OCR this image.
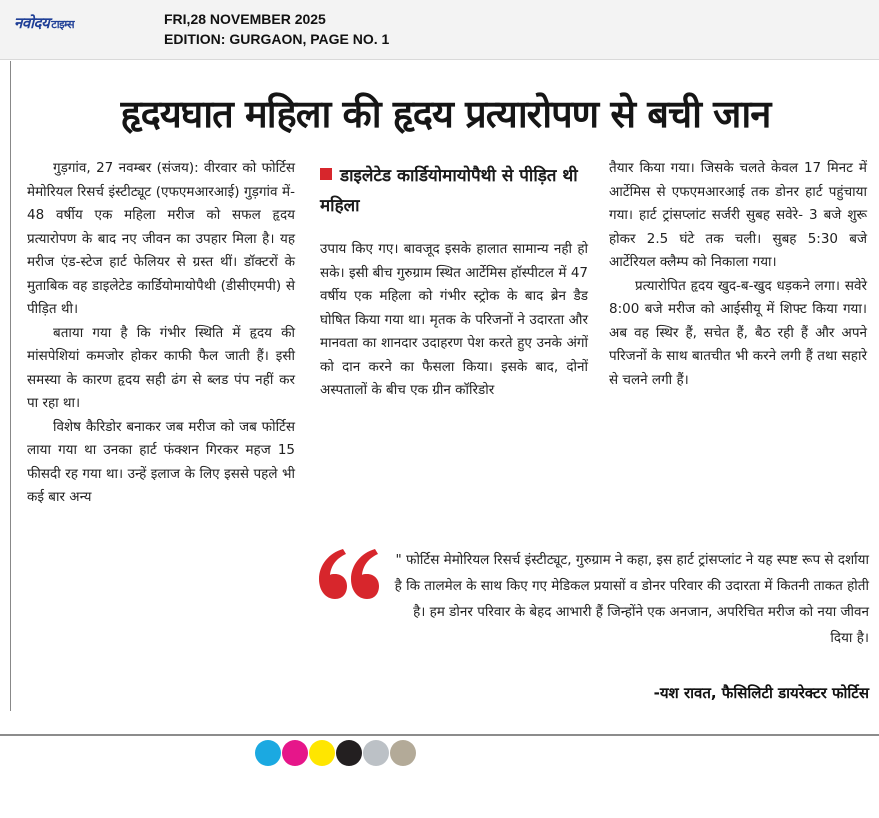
नवोदय टाइम्स	FRI,28 NOVEMBER 2025
EDITION: GURGAON, PAGE NO. 1
हृदयघात महिला की हृदय प्रत्यारोपण से बची जान

गुड़गांव, 27 नवम्बर (संजय): वीरवार को फोर्टिस मेमोरियल रिसर्च इंस्टीट्यूट (एफएमआरआई) गुड़गांव में- 48 वर्षीय एक महिला मरीज को सफल हृदय प्रत्यारोपण के बाद नए जीवन का उपहार मिला है। यह मरीज एंड-स्टेज हार्ट फेलियर से ग्रस्त थीं। डॉक्टरों के मुताबिक वह डाइलेटेड कार्डियोमायोपैथी (डीसीएमपी) से पीड़ित थी।

बताया गया है कि गंभीर स्थिति में हृदय की मांसपेशियां कमजोर होकर काफी फैल जाती हैं। इसी समस्या के कारण हृदय सही ढंग से ब्लड पंप नहीं कर पा रहा था।

विशेष कैरिडोर बनाकर जब मरीज को जब फोर्टिस लाया गया था उनका हार्ट फंक्शन गिरकर महज 15 फीसदी रह गया था। उन्हें इलाज के लिए इससे पहले भी कई बार अन्य

डाइलेटेड कार्डियोमायोपैथी से पीड़ित थी महिला

उपाय किए गए। बावजूद इसके हालात सामान्य नही हो सके। इसी बीच गुरुग्राम स्थित आर्टेमिस हॉस्पीटल में 47 वर्षीय एक महिला को गंभीर स्ट्रोक के बाद ब्रेन डैड घोषित किया गया था। मृतक के परिजनों ने उदारता और मानवता का शानदार उदाहरण पेश करते हुए उनके अंगों को दान करने का फैसला किया। इसके बाद, दोनों अस्पतालों के बीच एक ग्रीन कॉरिडोर

तैयार किया गया। जिसके चलते केवल 17 मिनट में आर्टेमिस से एफएमआरआई तक डोनर हार्ट पहुंचाया गया। हार्ट ट्रांसप्लांट सर्जरी सुबह सवेरे- 3 बजे शुरू होकर 2.5 घंटे तक चली। सुबह 5:30 बजे आर्टेरियल क्लैम्प को निकाला गया।

प्रत्यारोपित हृदय खुद-ब-खुद धड़कने लगा। सवेरे 8:00 बजे मरीज को आईसीयू में शिफ्ट किया गया। अब वह स्थिर हैं, सचेत हैं, बैठ रही हैं और अपने परिजनों के साथ बातचीत भी करने लगी हैं तथा सहारे से चलने लगी हैं।

" फोर्टिस मेमोरियल रिसर्च इंस्टीट्यूट, गुरुग्राम ने कहा, इस हार्ट ट्रांसप्लांट ने यह स्पष्ट रूप से दर्शाया है कि तालमेल के साथ किए गए मेडिकल प्रयासों व डोनर परिवार की उदारता में कितनी ताकत होती है। हम डोनर परिवार के बेहद आभारी हैं जिन्होंने एक अनजान, अपरिचित मरीज को नया जीवन दिया है।

-यश रावत, फैसिलिटी डायरेक्टर फोर्टिस
